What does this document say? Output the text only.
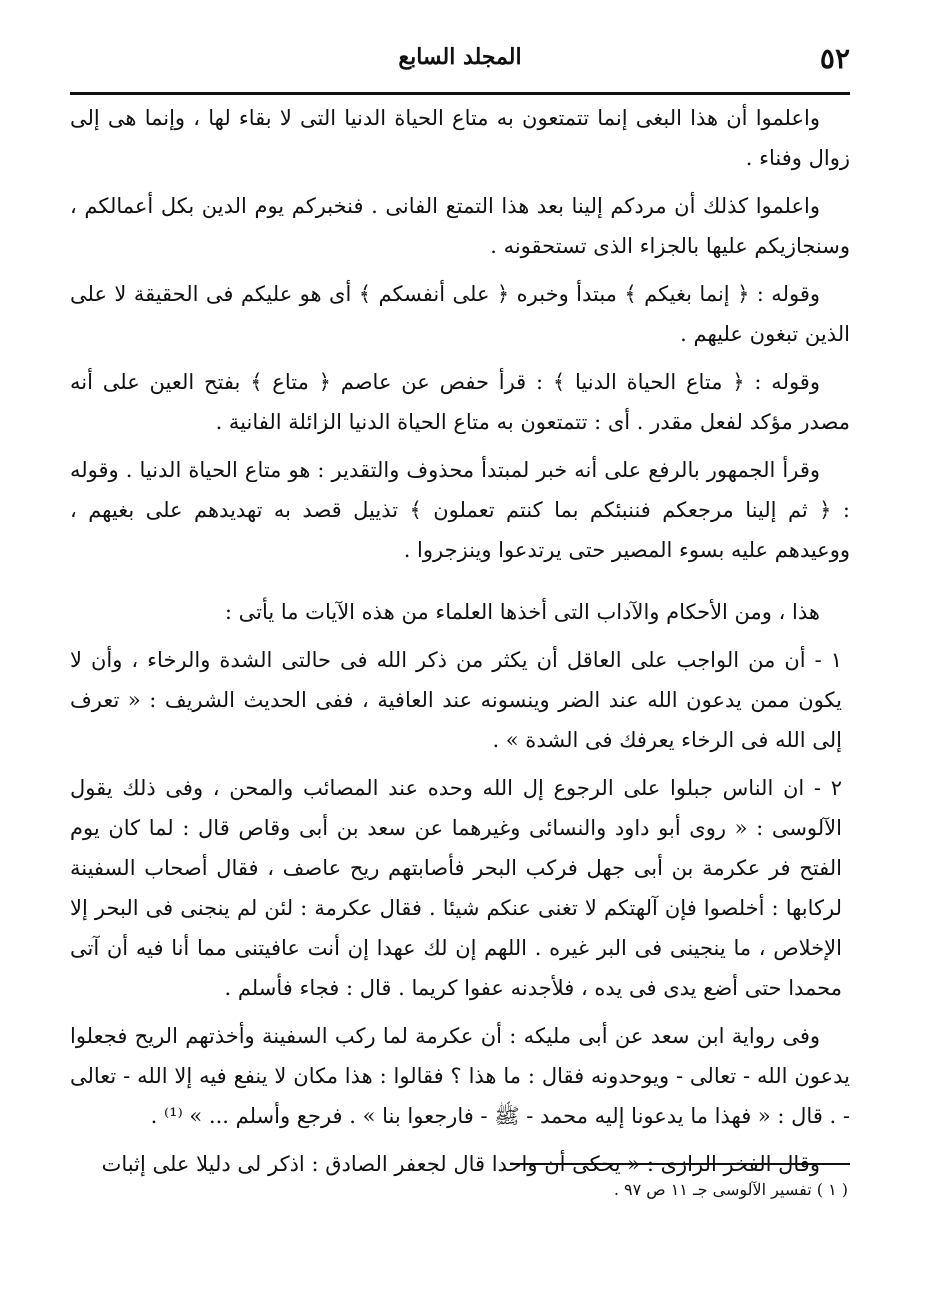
٥٢
المجلد السابع

واعلموا أن هذا البغى إنما تتمتعون به متاع الحياة الدنيا التى لا بقاء لها ، وإنما هى إلى زوال وفناء .

واعلموا كذلك أن مردكم إلينا بعد هذا التمتع الفانى . فنخبركم يوم الدين بكل أعمالكم ، وسنجازيكم عليها بالجزاء الذى تستحقونه .

وقوله : ﴿ إنما بغيكم ﴾ مبتدأ وخبره ﴿ على أنفسكم ﴾ أى هو عليكم فى الحقيقة لا على الذين تبغون عليهم .

وقوله : ﴿ متاع الحياة الدنيا ﴾ : قرأ حفص عن عاصم ﴿ متاع ﴾ بفتح العين على أنه مصدر مؤكد لفعل مقدر . أى : تتمتعون به متاع الحياة الدنيا الزائلة الفانية .

وقرأ الجمهور بالرفع على أنه خبر لمبتدأ محذوف والتقدير : هو متاع الحياة الدنيا . وقوله : ﴿ ثم إلينا مرجعكم فننبئكم بما كنتم تعملون ﴾ تذييل قصد به تهديدهم على بغيهم ، ووعيدهم عليه بسوء المصير حتى يرتدعوا وينزجروا .

هذا ، ومن الأحكام والآداب التى أخذها العلماء من هذه الآيات ما يأتى :

١ - أن من الواجب على العاقل أن يكثر من ذكر الله فى حالتى الشدة والرخاء ، وأن لا يكون ممن يدعون الله عند الضر وينسونه عند العافية ، ففى الحديث الشريف : « تعرف إلى الله فى الرخاء يعرفك فى الشدة » .

٢ - ان الناس جبلوا على الرجوع إل الله وحده عند المصائب والمحن ، وفى ذلك يقول الآلوسى : « روى أبو داود والنسائى وغيرهما عن سعد بن أبى وقاص قال : لما كان يوم الفتح فر عكرمة بن أبى جهل فركب البحر فأصابتهم ريح عاصف ، فقال أصحاب السفينة لركابها : أخلصوا فإن آلهتكم لا تغنى عنكم شيئا . فقال عكرمة : لئن لم ينجنى فى البحر إلا الإخلاص ، ما ينجينى فى البر غيره . اللهم إن لك عهدا إن أنت عافيتنى مما أنا فيه أن آتى محمدا حتى أضع يدى فى يده ، فلأجدنه عفوا كريما . قال : فجاء فأسلم .

وفى رواية ابن سعد عن أبى مليكه : أن عكرمة لما ركب السفينة وأخذتهم الريح فجعلوا يدعون الله - تعالى - ويوحدونه فقال : ما هذا ؟ فقالوا : هذا مكان لا ينفع فيه إلا الله - تعالى - . قال : « فهذا ما يدعونا إليه محمد - ﷺ - فارجعوا بنا » . فرجع وأسلم ... » ⁽¹⁾ .

وقال الفخر الرازى : « يحكى أن واحدا قال لجعفر الصادق : اذكر لى دليلا على إثبات

( ١ ) تفسير الآلوسى جـ ١١ ص ٩٧ .
